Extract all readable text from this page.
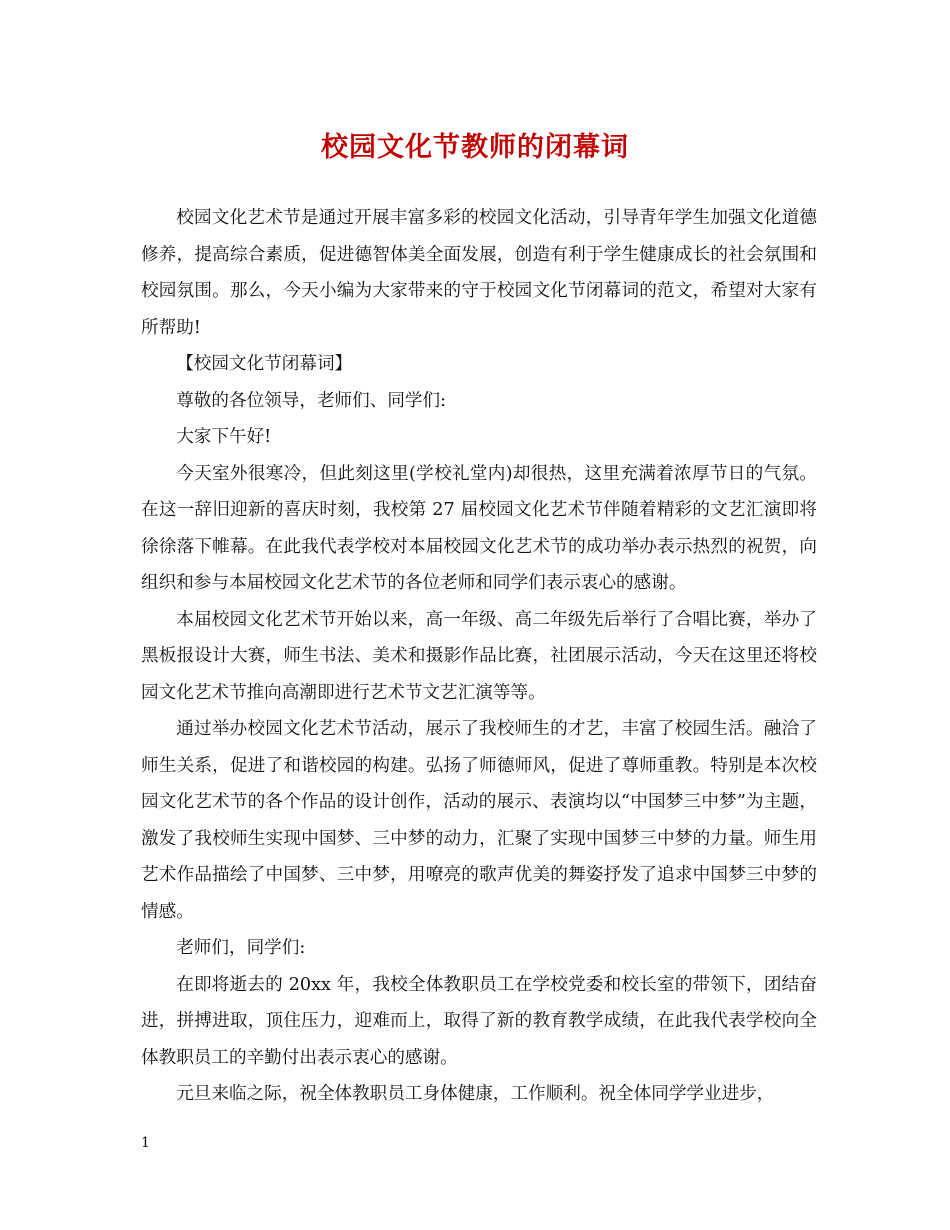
校园文化节教师的闭幕词

校园文化艺术节是通过开展丰富多彩的校园文化活动，引导青年学生加强文化道德修养，提高综合素质，促进德智体美全面发展，创造有利于学生健康成长的社会氛围和校园氛围。那么，今天小编为大家带来的守于校园文化节闭幕词的范文，希望对大家有所帮助!

【校园文化节闭幕词】

尊敬的各位领导，老师们、同学们:

大家下午好!

今天室外很寒冷，但此刻这里(学校礼堂内)却很热，这里充满着浓厚节日的气氛。在这一辞旧迎新的喜庆时刻，我校第 27 届校园文化艺术节伴随着精彩的文艺汇演即将徐徐落下帷幕。在此我代表学校对本届校园文化艺术节的成功举办表示热烈的祝贺，向组织和参与本届校园文化艺术节的各位老师和同学们表示衷心的感谢。

本届校园文化艺术节开始以来，高一年级、高二年级先后举行了合唱比赛，举办了黑板报设计大赛，师生书法、美术和摄影作品比赛，社团展示活动，今天在这里还将校园文化艺术节推向高潮即进行艺术节文艺汇演等等。

通过举办校园文化艺术节活动，展示了我校师生的才艺，丰富了校园生活。融洽了师生关系，促进了和谐校园的构建。弘扬了师德师风，促进了尊师重教。特别是本次校园文化艺术节的各个作品的设计创作，活动的展示、表演均以“中国梦三中梦”为主题，激发了我校师生实现中国梦、三中梦的动力，汇聚了实现中国梦三中梦的力量。师生用艺术作品描绘了中国梦、三中梦，用嘹亮的歌声优美的舞姿抒发了追求中国梦三中梦的情感。

老师们，同学们:

在即将逝去的 20xx 年，我校全体教职员工在学校党委和校长室的带领下，团结奋进，拼搏进取，顶住压力，迎难而上，取得了新的教育教学成绩，在此我代表学校向全体教职员工的辛勤付出表示衷心的感谢。

元旦来临之际，祝全体教职员工身体健康，工作顺利。祝全体同学学业进步，

1
